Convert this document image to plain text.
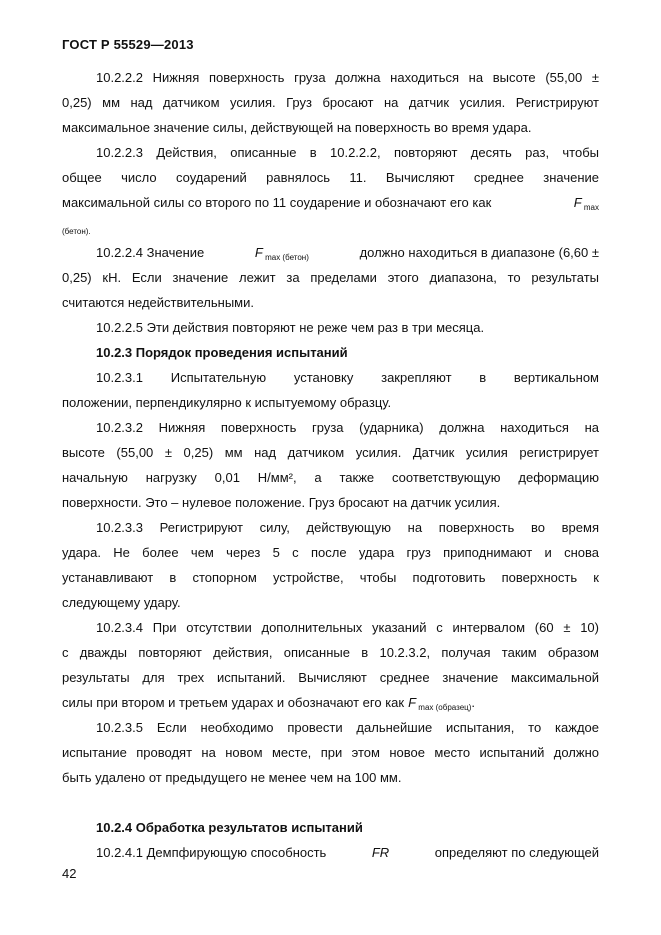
ГОСТ Р 55529—2013
10.2.2.2 Нижняя поверхность груза должна находиться на высоте (55,00 ±
0,25) мм над датчиком усилия. Груз бросают на датчик усилия. Регистрируют
максимальное значение силы, действующей на поверхность во время удара.
10.2.2.3 Действия, описанные в 10.2.2.2, повторяют десять раз, чтобы
общее число соударений равнялось 11. Вычисляют среднее значение
максимальной силы со второго по 11 соударение и обозначают его как	F $_{max}$
(бетон).
10.2.2.4 Значение	F $_{max (бетон)}$	должно находиться в диапазоне (6,60 ±
0,25) кН. Если значение лежит за пределами этого диапазона, то результаты
считаются недействительными.
10.2.2.5 Эти действия повторяют не реже чем раз в три месяца.
10.2.3 Порядок проведения испытаний
10.2.3.1 Испытательную установку закрепляют в вертикальном
положении, перпендикулярно к испытуемому образцу.
10.2.3.2 Нижняя поверхность груза (ударника) должна находиться на
высоте (55,00 ± 0,25) мм над датчиком усилия. Датчик усилия регистрирует
начальную нагрузку 0,01 Н/мм², а также соответствующую деформацию
поверхности. Это – нулевое положение. Груз бросают на датчик усилия.
10.2.3.3 Регистрируют силу, действующую на поверхность во время
удара. Не более чем через 5 с после удара груз приподнимают и снова
устанавливают в стопорном устройстве, чтобы подготовить поверхность к
следующему удару.
10.2.3.4 При отсутствии дополнительных указаний с интервалом (60 ± 10)
с дважды повторяют действия, описанные в 10.2.3.2, получая таким образом
результаты для трех испытаний. Вычисляют среднее значение максимальной
силы при втором и третьем ударах и обозначают его как F $_{max (образец)}$.
10.2.3.5 Если необходимо провести дальнейшие испытания, то каждое
испытание проводят на новом месте, при этом новое место испытаний должно
быть удалено от предыдущего не менее чем на 100 мм.
10.2.4 Обработка результатов испытаний
10.2.4.1 Демпфирующую способность	FR	определяют по следующей
42
